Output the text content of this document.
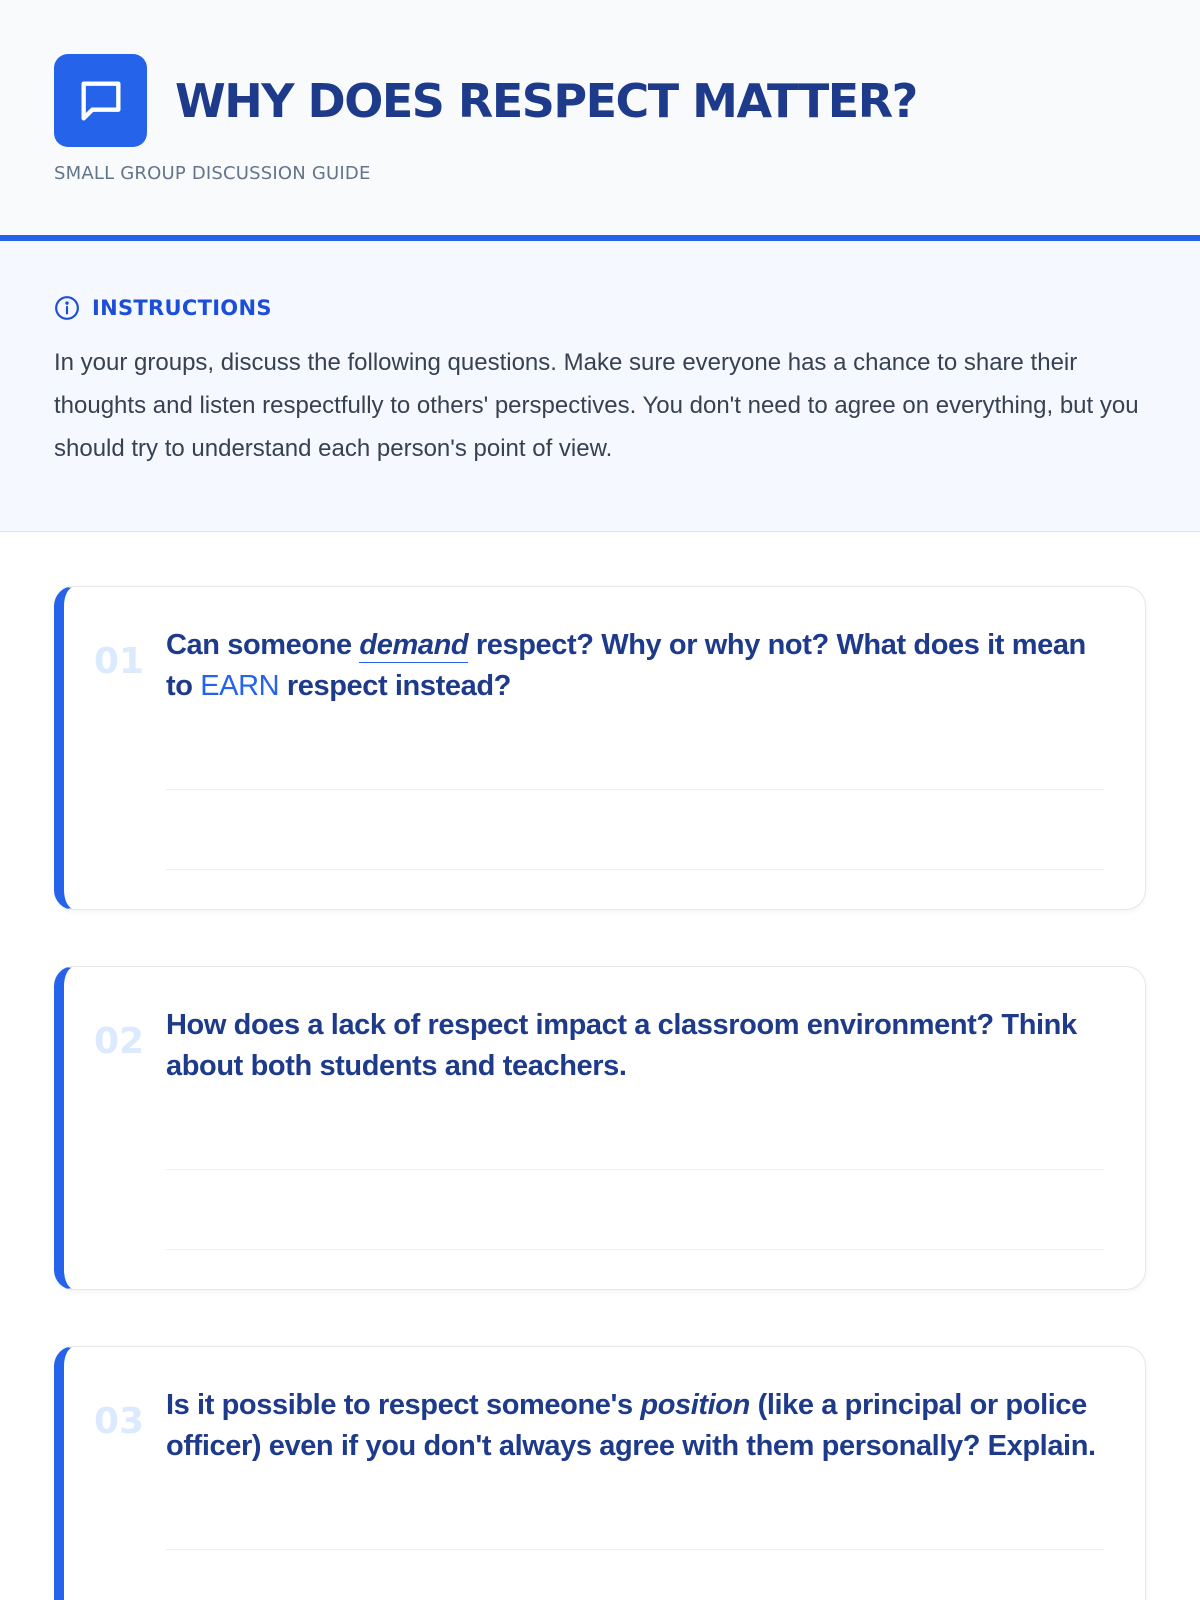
WHY DOES RESPECT MATTER?
SMALL GROUP DISCUSSION GUIDE
INSTRUCTIONS

In your groups, discuss the following questions. Make sure everyone has a chance to share their thoughts and listen respectfully to others' perspectives. You don't need to agree on everything, but you should try to understand each person's point of view.

01 Can someone demand respect? Why or why not? What does it mean to EARN respect instead?
02 How does a lack of respect impact a classroom environment? Think about both students and teachers.
03 Is it possible to respect someone's position (like a principal or police officer) even if you don't always agree with them personally? Explain.
